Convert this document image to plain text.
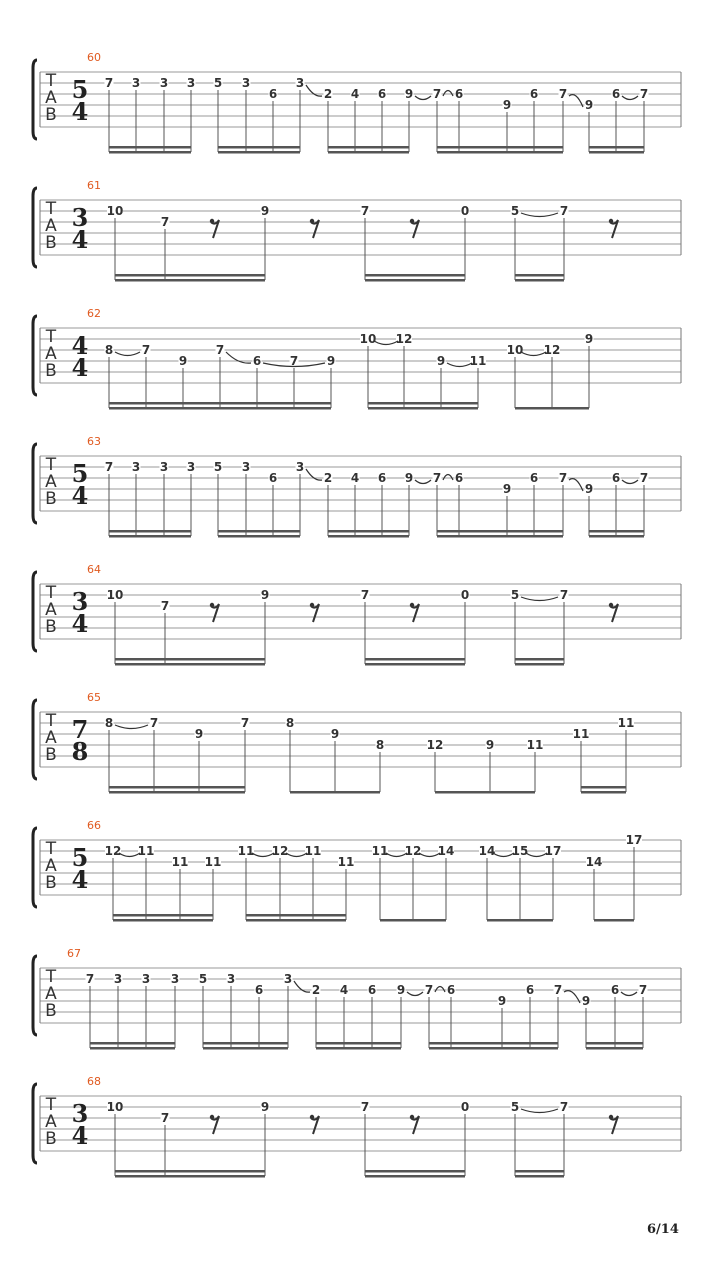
T
A
B
5
4
60
7 3 3 3 5 3
6
3
2 4 6 9 7 6
9
6 7
9
6 7
T
A
B
3
4
61
10
7
9	7	0	5	7
T
A
B
4
4
62
8 7
9
7
6 7 9
10 12
9 11
10 12
9
T
A
B
5
4
63
7 3 3 3 5 3
6
3
2 4 6 9 7 6
9
6 7
9
6 7
T
A
B
3
4
64
10
7
9	7	0	5	7
T
A
B
7
8
65
8	7
9
7	8
9
8	12	9	11
11
11
T
A
B
5
4
66
12 11
11 11
11 12 11
11
11 12 14 14 15 17
14
17
T
A
B
67
7 3 3 3 5 3
6
3
2 4 6 9 7 6
9
6 7
9
6 7
T
A
B
3
4
68
10
7
9	7	0	5	7
6/14
